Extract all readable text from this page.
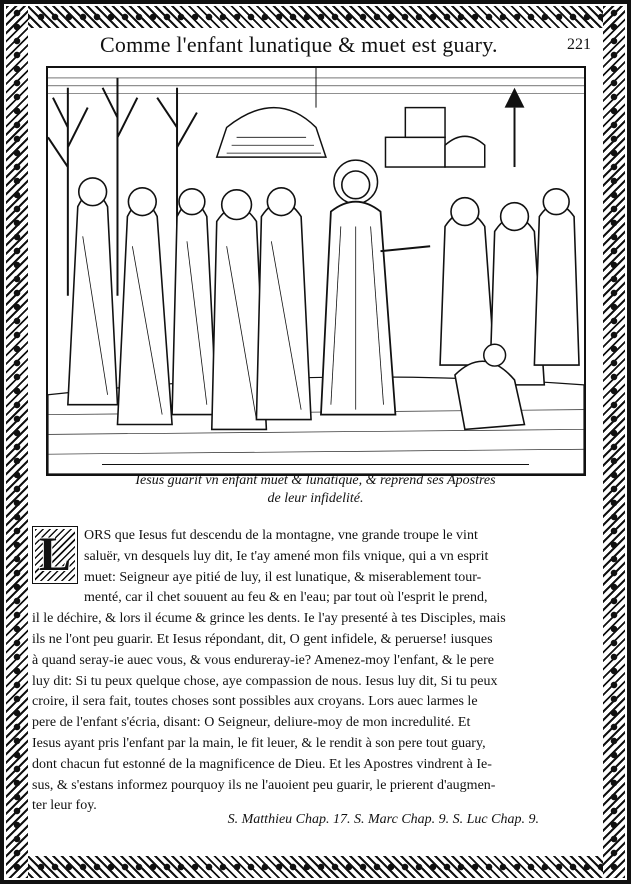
Comme l'enfant lunatique & muet est guary.	221
Iesus guarit vn enfant muet & lunatique, & reprend ses Apostres
de leur infidelité.
L ORS que Iesus fut descendu de la montagne, vne grande troupe le vint
saluër, vn desquels luy dit, Ie t'ay amené mon fils vnique, qui a vn esprit
muet: Seigneur aye pitié de luy, il est lunatique, & miserablement tour-
menté, car il chet souuent au feu & en l'eau; par tout où l'esprit le prend,
il le déchire, & lors il écume & grince les dents. Ie l'ay presenté à tes Disciples, mais
ils ne l'ont peu guarir. Et Iesus répondant, dit, O gent infidele, & peruerse! iusques
à quand seray-ie auec vous, & vous endureray-ie? Amenez-moy l'enfant, & le pere
luy dit: Si tu peux quelque chose, aye compassion de nous. Iesus luy dit, Si tu peux
croire, il sera fait, toutes choses sont possibles aux croyans. Lors auec larmes le
pere de l'enfant s'écria, disant: O Seigneur, deliure-moy de mon incredulité. Et
Iesus ayant pris l'enfant par la main, le fit leuer, & le rendit à son pere tout guary,
dont chacun fut estonné de la magnificence de Dieu. Et les Apostres vindrent à Ie-
sus, & s'estans informez pourquoy ils ne l'auoient peu guarir, le prierent d'augmen-
ter leur foy.
S. Matthieu Chap. 17. S. Marc Chap. 9. S. Luc Chap. 9.
